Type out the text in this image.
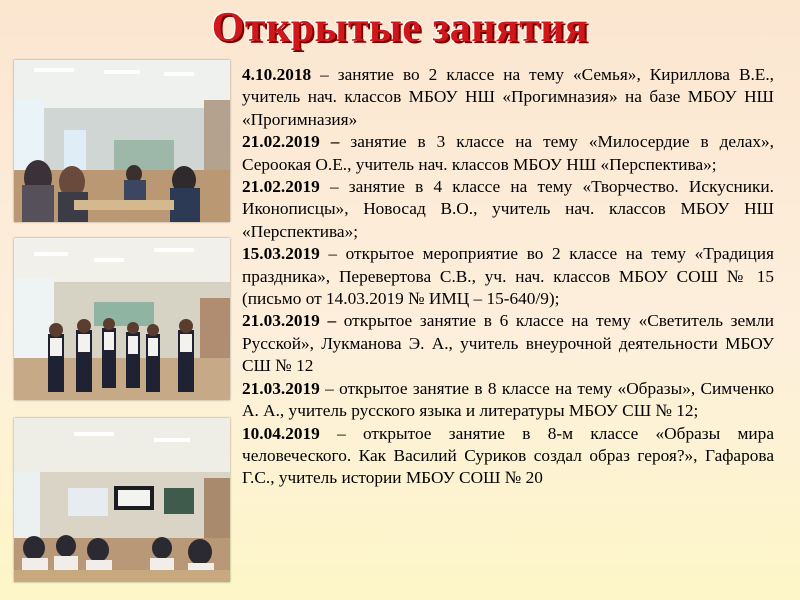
Открытые занятия

4.10.2018 – занятие во 2 классе на тему «Семья», Кириллова В.Е., учитель нач. классов МБОУ НШ «Прогимназия» на базе МБОУ НШ «Прогимназия»

21.02.2019 – занятие в 3 классе на тему «Милосердие в делах», Сероокая О.Е., учитель нач. классов МБОУ НШ «Перспектива»;

21.02.2019 – занятие в 4 классе на тему «Творчество. Искусники. Иконописцы», Новосад В.О., учитель нач. классов МБОУ НШ «Перспектива»;

15.03.2019 – открытое мероприятие во 2 классе на тему «Традиция праздника», Перевертова С.В., уч. нач. классов МБОУ СОШ № 15 (письмо от 14.03.2019 № ИМЦ – 15-640/9);

21.03.2019 – открытое занятие в 6 классе на тему «Светитель земли Русской», Лукманова Э. А., учитель внеурочной деятельности МБОУ СШ № 12

21.03.2019 – открытое занятие в 8 классе на тему «Образы», Симченко А. А., учитель русского языка и литературы МБОУ СШ № 12;

10.04.2019 – открытое занятие в 8-м классе «Образы мира человеческого. Как Василий Суриков создал образ героя?», Гафарова Г.С., учитель истории МБОУ СОШ № 20
